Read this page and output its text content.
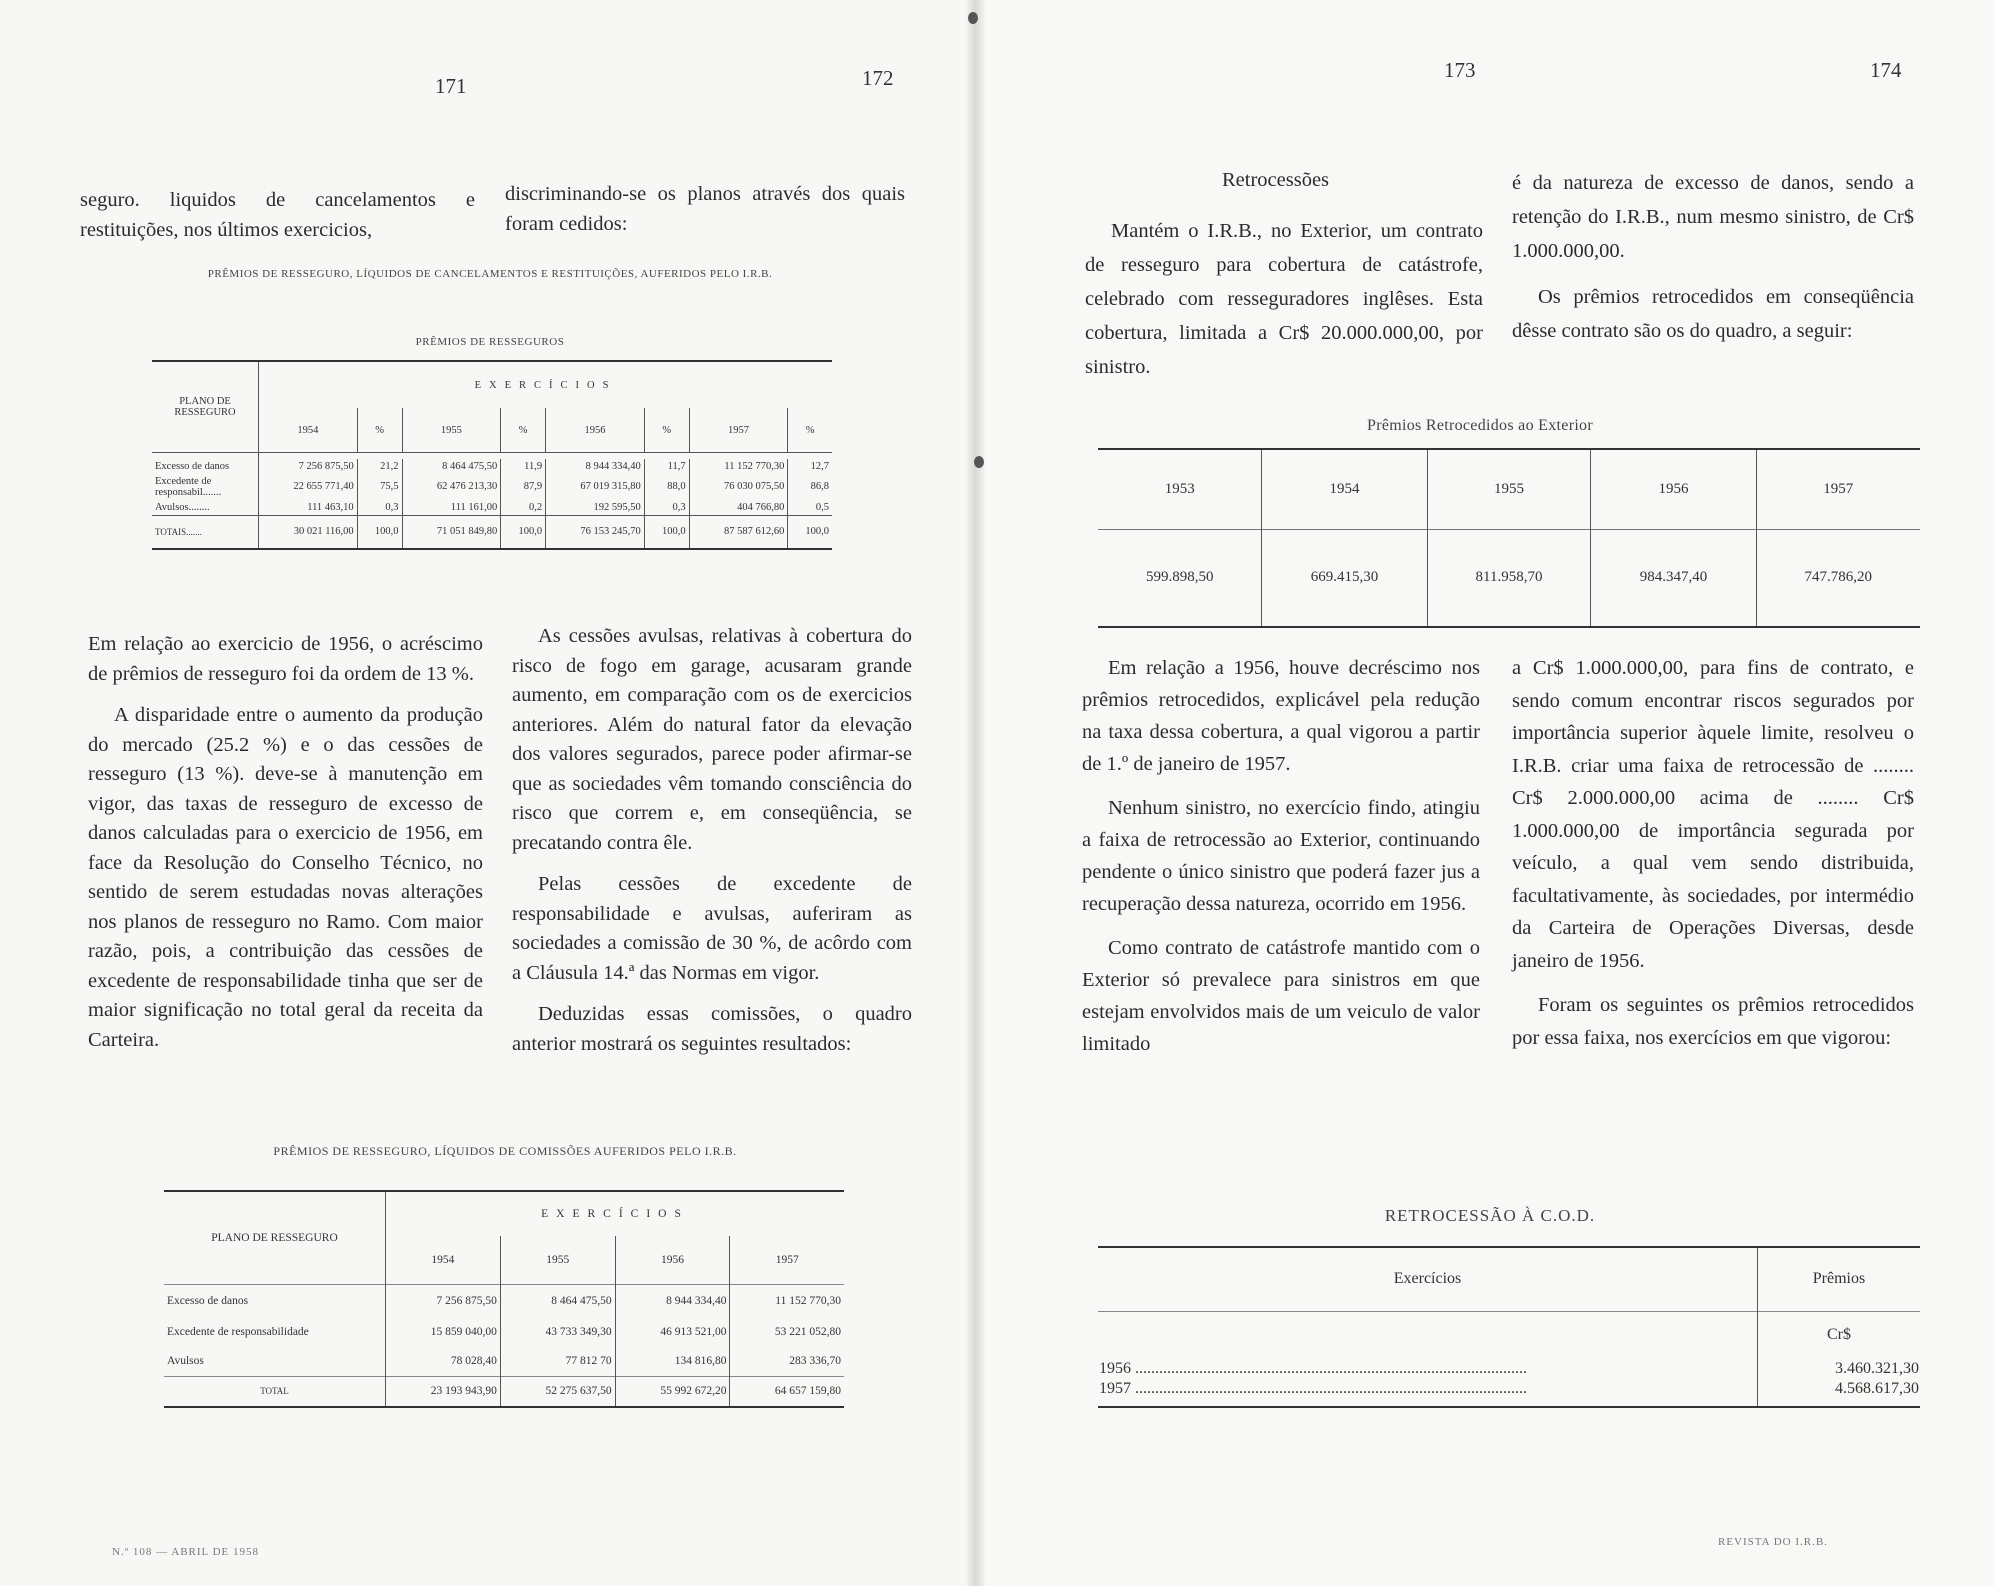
171	172	173	174

seguro. liquidos de cancelamentos e restituições, nos últimos exercicios,

discriminando-se os planos através dos quais foram cedidos:

PRÊMIOS DE RESSEGURO, LÍQUIDOS DE CANCELAMENTOS E RESTITUIÇÕES, AUFERIDOS PELO I.R.B.
PRÊMIOS DE RESSEGUROS
PLANO DE RESSEGURO	EXERCÍCIOS							
	1954	%	1955	%	1956	%	1957	%

Excesso de danos	7 256 875,50	21,2	8 464 475,50	11,9	8 944 334,40	11,7	11 152 770,30	12,7
Excedente de responsabil.......	22 655 771,40	75,5	62 476 213,30	87,9	67 019 315,80	88,0	76 030 075,50	86,8
Avulsos........	111 463,10	0,3	111 161,00	0,2	192 595,50	0,3	404 766,80	0,5
TOTAIS.......	30 021 116,00	100,0	71 051 849,80	100,0	76 153 245,70	100,0	87 587 612,60	100,0

Em relação ao exercicio de 1956, o acréscimo de prêmios de resseguro foi da ordem de 13 %.

A disparidade entre o aumento da produção do mercado (25.2 %) e o das cessões de resseguro (13 %). deve-se à manutenção em vigor, das taxas de resseguro de excesso de danos calculadas para o exercicio de 1956, em face da Resolução do Conselho Técnico, no sentido de serem estudadas novas alterações nos planos de resseguro no Ramo. Com maior razão, pois, a contribuição das cessões de excedente de responsabilidade tinha que ser de maior significação no total geral da receita da Carteira.

As cessões avulsas, relativas à cobertura do risco de fogo em garage, acusaram grande aumento, em comparação com os de exercicios anteriores. Além do natural fator da elevação dos valores segurados, parece poder afirmar-se que as sociedades vêm tomando consciência do risco que correm e, em conseqüência, se precatando contra êle.

Pelas cessões de excedente de responsabilidade e avulsas, auferiram as sociedades a comissão de 30 %, de acôrdo com a Cláusula 14.ª das Normas em vigor.

Deduzidas essas comissões, o quadro anterior mostrará os seguintes resultados:

PRÊMIOS DE RESSEGURO, LÍQUIDOS DE COMISSÕES AUFERIDOS PELO I.R.B.
PLANO DE RESSEGURO	EXERCÍCIOS			
	1954	1955	1956	1957
Excesso de danos	7 256 875,50	8 464 475,50	8 944 334,40	11 152 770,30
Excedente de responsabilidade	15 859 040,00	43 733 349,30	46 913 521,00	53 221 052,80
Avulsos	78 028,40	77 812 70	134 816,80	283 336,70
TOTAL	23 193 943,90	52 275 637,50	55 992 672,20	64 657 159,80
N.º 108 — ABRIL DE 1958
Retrocessões

Mantém o I.R.B., no Exterior, um contrato de resseguro para cobertura de catástrofe, celebrado com resseguradores inglêses. Esta cobertura, limitada a Cr$ 20.000.000,00, por sinistro.

é da natureza de excesso de danos, sendo a retenção do I.R.B., num mesmo sinistro, de Cr$ 1.000.000,00.

Os prêmios retrocedidos em conseqüência dêsse contrato são os do quadro, a seguir:

Prêmios Retrocedidos ao Exterior
1953	1954	1955	1956	1957
599.898,50	669.415,30	811.958,70	984.347,40	747.786,20

Em relação a 1956, houve decréscimo nos prêmios retrocedidos, explicável pela redução na taxa dessa cobertura, a qual vigorou a partir de 1.º de janeiro de 1957.

Nenhum sinistro, no exercício findo, atingiu a faixa de retrocessão ao Exterior, continuando pendente o único sinistro que poderá fazer jus a recuperação dessa natureza, ocorrido em 1956.

Como contrato de catástrofe mantido com o Exterior só prevalece para sinistros em que estejam envolvidos mais de um veiculo de valor limitado

a Cr$ 1.000.000,00, para fins de contrato, e sendo comum encontrar riscos segurados por importância superior àquele limite, resolveu o I.R.B. criar uma faixa de retrocessão de ........ Cr$ 2.000.000,00 acima de ........ Cr$ 1.000.000,00 de importância segurada por veículo, a qual vem sendo distribuida, facultativamente, às sociedades, por intermédio da Carteira de Operações Diversas, desde janeiro de 1956.

Foram os seguintes os prêmios retrocedidos por essa faixa, nos exercícios em que vigorou:

RETROCESSÃO À C.O.D.
Exercícios	Prêmios
	Cr$
1956 ..................................................................................................	3.460.321,30
1957 ..................................................................................................	4.568.617,30
REVISTA DO I.R.B.
